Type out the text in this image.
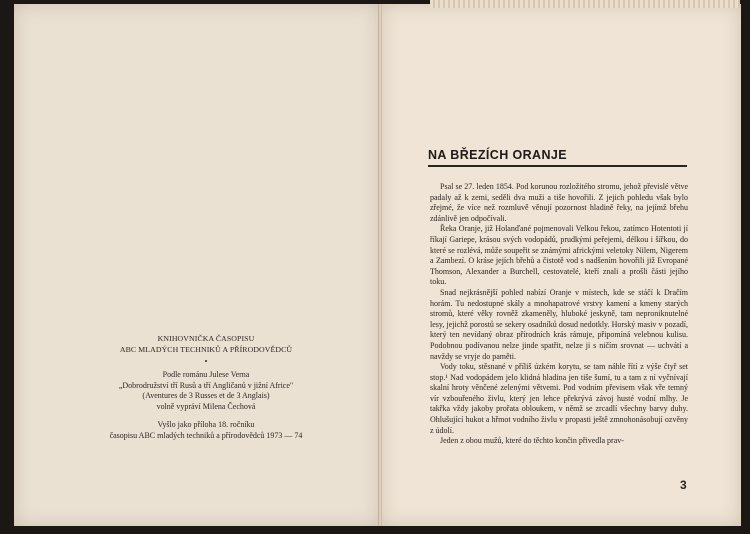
KNIHOVNIČKA ČASOPISU
ABC MLADÝCH TECHNIKŮ A PŘÍRODOVĚDCŮ
•
Podle románu Julese Verna
„Dobrodružství tří Rusů a tří Angličanů v jižní Africe"
(Aventures de 3 Russes et de 3 Anglais)
volně vypráví Milena Čechová
Vyšlo jako příloha 18. ročníku
časopisu ABC mladých techniků a přírodovědců 1973 — 74
NA BŘEZÍCH ORANJE

Psal se 27. leden 1854. Pod korunou rozložitého stromu, jehož převislé větve padaly až k zemi, seděli dva muži a tiše hovořili. Z jejich pohledu však bylo zřejmé, že více než rozmluvě věnují pozornost hladině řeky, na jejímž břehu zdánlivě jen odpočívali.

Řeka Oranje, již Holanďané pojmenovali Velkou řekou, zatímco Hotentoti jí říkají Gariepe, krásou svých vodopádů, prudkými peřejemi, délkou i šířkou, do které se rozlévá, může soupeřit se známými africkými veletoky Nilem, Nigerem a Zambezí. O kráse jejích břehů a čistotě vod s nadšením hovořili již Evropané Thomson, Alexander a Burchell, cestovatelé, kteří znali a prošli části jejího toku.

Snad nejkrásnější pohled nabízí Oranje v místech, kde se stáčí k Dračím horám. Tu nedostupné skály a mnohapatrové vrstvy kamení a kmeny starých stromů, které věky rovněž zkameněly, hluboké jeskyně, tam neproniknutelné lesy, jejichž porostů se sekery osadníků dosud nedotkly. Horský masiv v pozadí, který ten nevídaný obraz přírodních krás rámuje, připomíná velebnou kulisu. Podobnou podívanou nelze jinde spatřit, nelze ji s ničím srovnat — uchvátí a navždy se vryje do paměti.

Vody toku, stěsnané v příliš úzkém korytu, se tam náhle řítí z výše čtyř set stop.¹ Nad vodopádem jelo klidná hladina jen tiše šumí, tu a tam z ní vyčnívají skalní hroty věnčené zelenými větvemi. Pod vodním převisem však vře temný vír vzbouřeného živlu, který jen lehce překrývá závoj husté vodní mlhy. Je takřka vždy jakoby prořata obloukem, v němž se zrcadlí všechny barvy duhy. Ohlušující hukot a hřmot vodního živlu v propasti ještě zmnohonásobují ozvěny z údolí.

Jeden z obou mužů, které do těchto končin přivedla prav-

3
